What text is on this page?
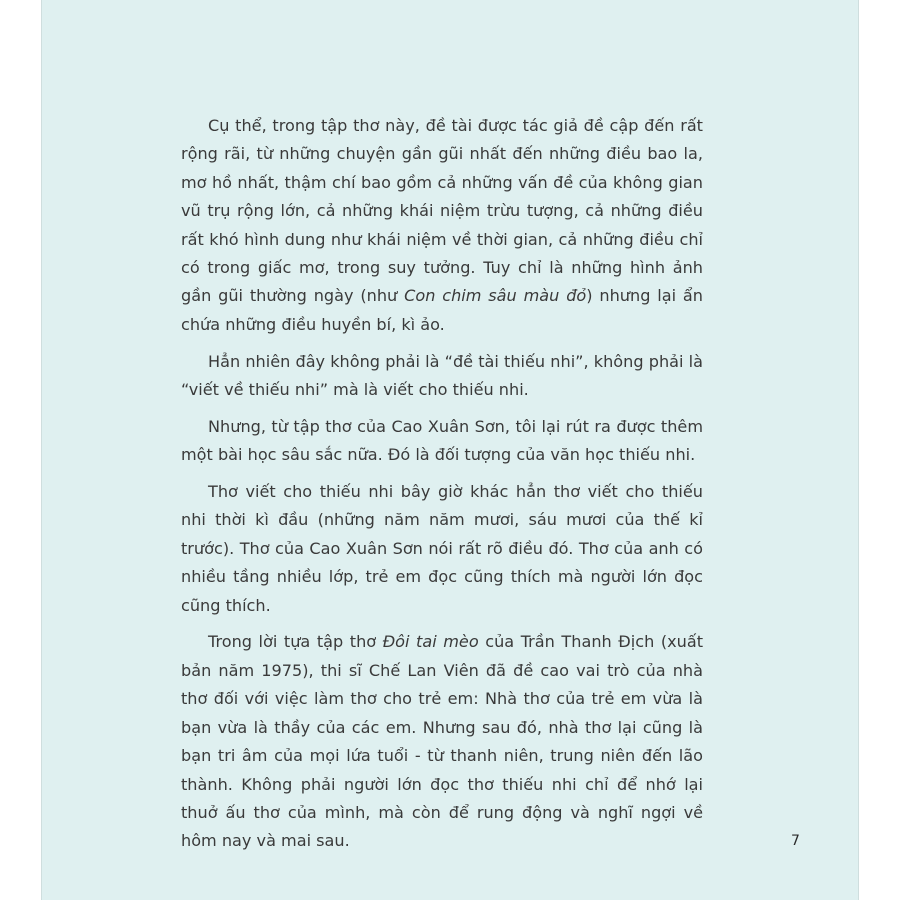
Cụ thể, trong tập thơ này, đề tài được tác giả đề cập đến rất rộng rãi, từ những chuyện gần gũi nhất đến những điều bao la, mơ hồ nhất, thậm chí bao gồm cả những vấn đề của không gian vũ trụ rộng lớn, cả những khái niệm trừu tượng, cả những điều rất khó hình dung như khái niệm về thời gian, cả những điều chỉ có trong giấc mơ, trong suy tưởng. Tuy chỉ là những hình ảnh gần gũi thường ngày (như Con chim sâu màu đỏ) nhưng lại ẩn chứa những điều huyền bí, kì ảo.

Hẳn nhiên đây không phải là “đề tài thiếu nhi”, không phải là “viết về thiếu nhi” mà là viết cho thiếu nhi.

Nhưng, từ tập thơ của Cao Xuân Sơn, tôi lại rút ra được thêm một bài học sâu sắc nữa. Đó là đối tượng của văn học thiếu nhi.

Thơ viết cho thiếu nhi bây giờ khác hẳn thơ viết cho thiếu nhi thời kì đầu (những năm năm mươi, sáu mươi của thế kỉ trước). Thơ của Cao Xuân Sơn nói rất rõ điều đó. Thơ của anh có nhiều tầng nhiều lớp, trẻ em đọc cũng thích mà người lớn đọc cũng thích.

Trong lời tựa tập thơ Đôi tai mèo của Trần Thanh Địch (xuất bản năm 1975), thi sĩ Chế Lan Viên đã đề cao vai trò của nhà thơ đối với việc làm thơ cho trẻ em: Nhà thơ của trẻ em vừa là bạn vừa là thầy của các em. Nhưng sau đó, nhà thơ lại cũng là bạn tri âm của mọi lứa tuổi - từ thanh niên, trung niên đến lão thành. Không phải người lớn đọc thơ thiếu nhi chỉ để nhớ lại thuở ấu thơ của mình, mà còn để rung động và nghĩ ngợi về hôm nay và mai sau.	7
